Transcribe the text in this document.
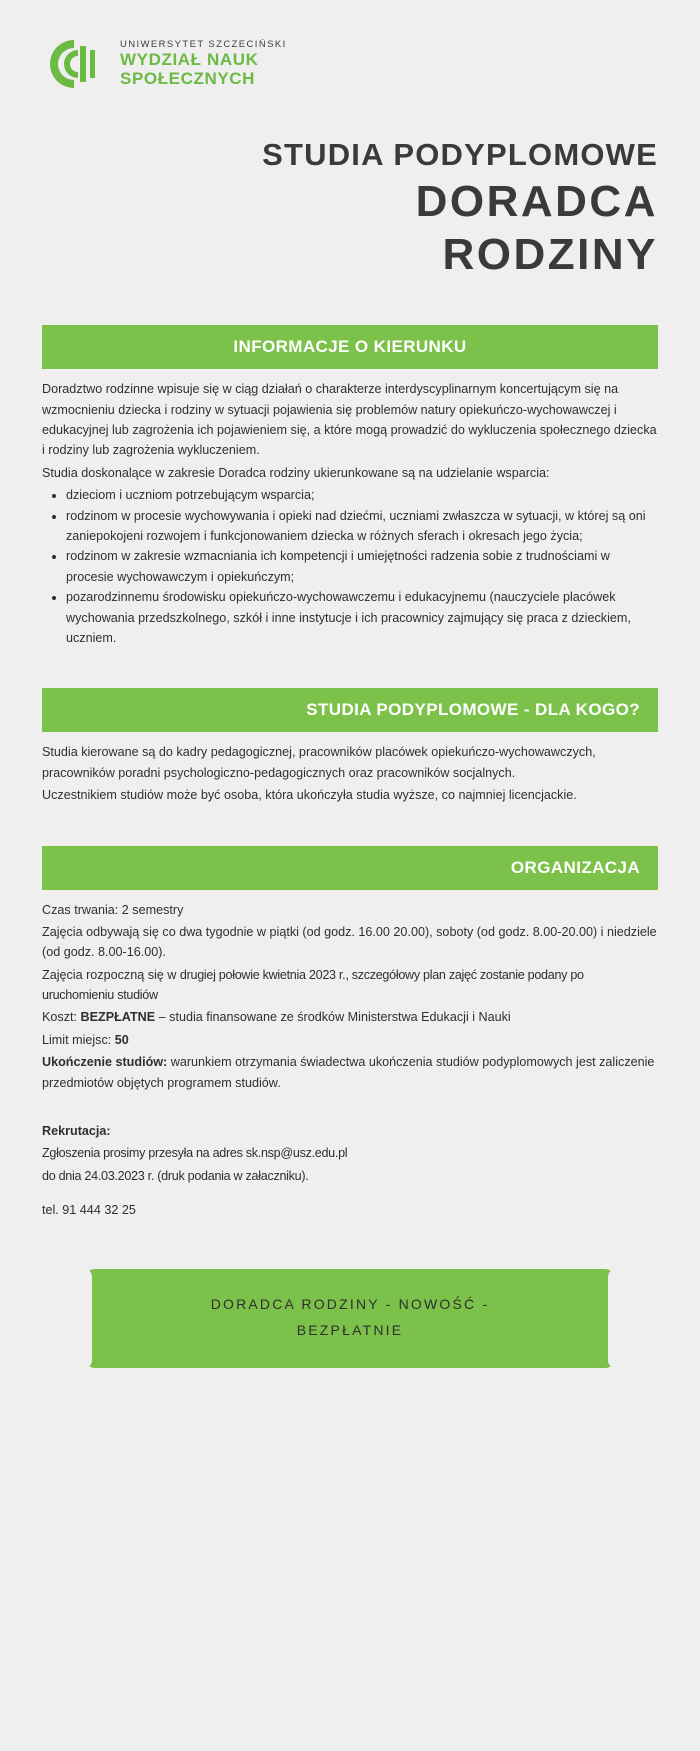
UNIWERSYTET SZCZECIŃSKI
WYDZIAŁ NAUK
SPOŁECZNYCH
STUDIA PODYPLOMOWE
DORADCA
RODZINY
INFORMACJE O KIERUNKU

Doradztwo rodzinne wpisuje się w ciąg działań o charakterze interdyscyplinarnym koncertującym się na wzmocnieniu dziecka i rodziny w sytuacji pojawienia się problemów natury opiekuńczo-wychowawczej i edukacyjnej lub zagrożenia ich pojawieniem się, a które mogą prowadzić do wykluczenia społecznego dziecka i rodziny lub zagrożenia wykluczeniem.

Studia doskonalące w zakresie Doradca rodziny ukierunkowane są na udzielanie wsparcia:

• dzieciom i uczniom potrzebującym wsparcia;
• rodzinom w procesie wychowywania i opieki nad dziećmi, uczniami zwłaszcza w sytuacji, w której są oni zaniepokojeni rozwojem i funkcjonowaniem dziecka w różnych sferach i okresach jego życia;
• rodzinom w zakresie wzmacniania ich kompetencji i umiejętności radzenia sobie z trudnościami w procesie wychowawczym i opiekuńczym;
• pozarodzinnemu środowisku opiekuńczo-wychowawczemu i edukacyjnemu (nauczyciele placówek wychowania przedszkolnego, szkół i inne instytucje i ich pracownicy zajmujący się praca z dzieckiem, uczniem.
STUDIA PODYPLOMOWE - DLA KOGO?

Studia kierowane są do kadry pedagogicznej, pracowników placówek opiekuńczo-wychowawczych, pracowników poradni psychologiczno-pedagogicznych oraz pracowników socjalnych.

Uczestnikiem studiów może być osoba, która ukończyła studia wyższe, co najmniej licencjackie.

ORGANIZACJA

Czas trwania: 2 semestry

Zajęcia odbywają się co dwa tygodnie w piątki (od godz. 16.00 20.00), soboty (od godz. 8.00-20.00) i niedziele (od godz. 8.00-16.00).

Zajęcia rozpoczną się w drugiej połowie kwietnia 2023 r., szczegółowy plan zajęć zostanie podany po uruchomieniu studiów

Koszt: BEZPŁATNE – studia finansowane ze środków Ministerstwa Edukacji i Nauki

Limit miejsc: 50

Ukończenie studiów: warunkiem otrzymania świadectwa ukończenia studiów podyplomowych jest zaliczenie przedmiotów objętych programem studiów.

Rekrutacja:

Zgłoszenia prosimy przesyła na adres sk.nsp@usz.edu.pl

do dnia 24.03.2023 r. (druk podania w załaczniku).

tel. 91 444 32 25

DORADCA RODZINY - NOWOŚĆ -
BEZPŁATNIE
